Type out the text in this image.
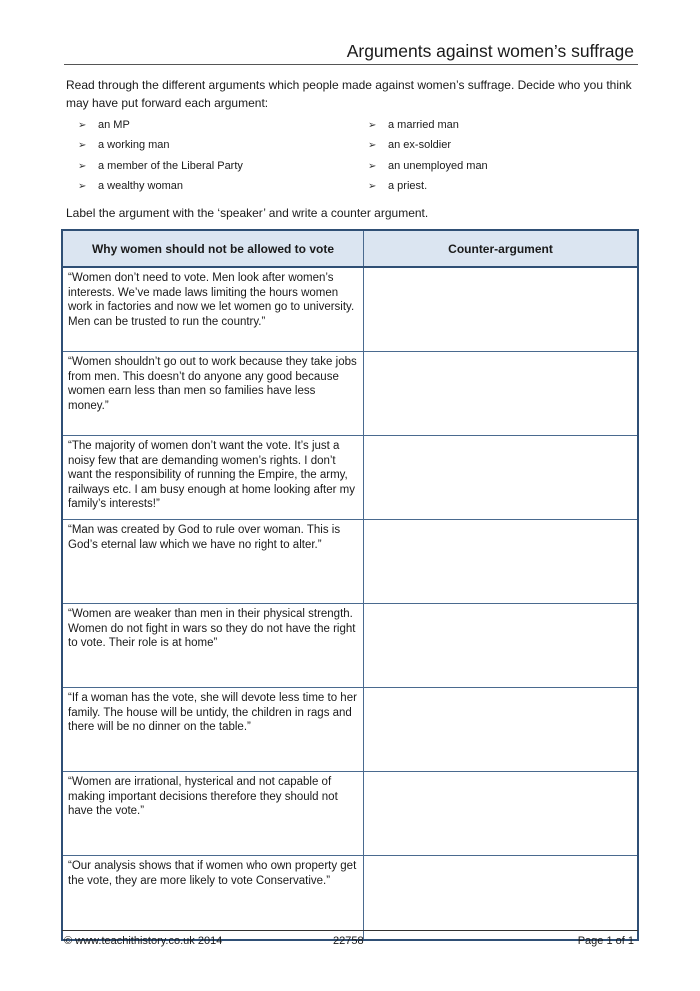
Arguments against women’s suffrage

Read through the different arguments which people made against women’s suffrage. Decide who you think may have put forward each argument:

➢ an MP
➢ a working man
➢ a member of the Liberal Party
➢ a wealthy woman
➢ a married man
➢ an ex-soldier
➢ an unemployed man
➢ a priest.

Label the argument with the ‘speaker’ and write a counter argument.

Why women should not be allowed to vote	Counter-argument
“Women don’t need to vote. Men look after women’s interests. We’ve made laws limiting the hours women work in factories and now we let women go to university. Men can be trusted to run the country.”	
“Women shouldn’t go out to work because they take jobs from men. This doesn’t do anyone any good because women earn less than men so families have less money.”	
“The majority of women don’t want the vote. It’s just a noisy few that are demanding women’s rights. I don’t want the responsibility of running the Empire, the army, railways etc. I am busy enough at home looking after my family’s interests!”	
“Man was created by God to rule over woman. This is God’s eternal law which we have no right to alter.”	
“Women are weaker than men in their physical strength. Women do not fight in wars so they do not have the right to vote. Their role is at home”	
“If a woman has the vote, she will devote less time to her family. The house will be untidy, the children in rags and there will be no dinner on the table.”	
“Women are irrational, hysterical and not capable of making important decisions therefore they should not have the vote.”	
“Our analysis shows that if women who own property get the vote, they are more likely to vote Conservative.”	
© www.teachithistory.co.uk 2014	22758	Page 1 of 1
